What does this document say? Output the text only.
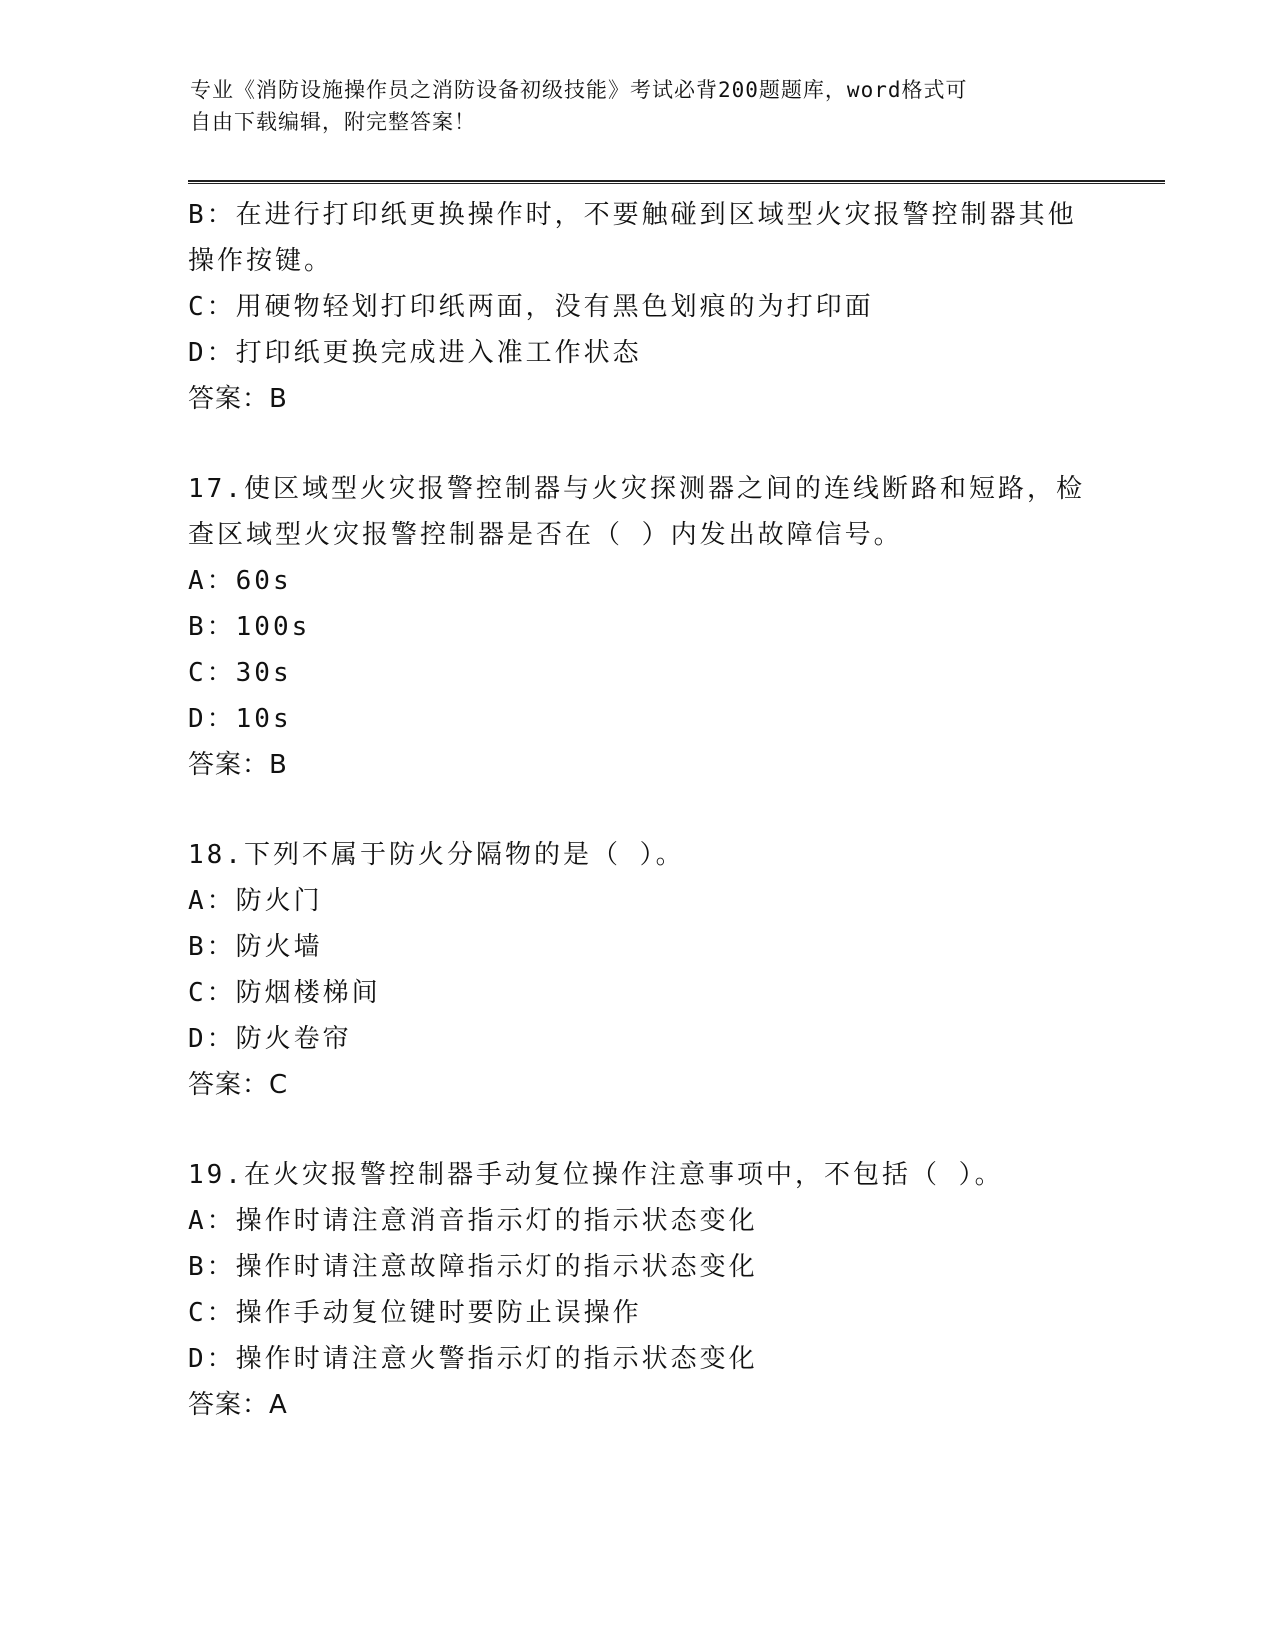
专业《消防设施操作员之消防设备初级技能》考试必背200题题库，word格式可
自由下载编辑，附完整答案！
B：在进行打印纸更换操作时，不要触碰到区域型火灾报警控制器其他
操作按键。
C：用硬物轻划打印纸两面，没有黑色划痕的为打印面
D：打印纸更换完成进入准工作状态
答案：B
17.使区域型火灾报警控制器与火灾探测器之间的连线断路和短路，检
查区域型火灾报警控制器是否在（ ）内发出故障信号。
A：60s
B：100s
C：30s
D：10s
答案：B
18.下列不属于防火分隔物的是（ ）。
A：防火门
B：防火墙
C：防烟楼梯间
D：防火卷帘
答案：C
19.在火灾报警控制器手动复位操作注意事项中，不包括（ ）。
A：操作时请注意消音指示灯的指示状态变化
B：操作时请注意故障指示灯的指示状态变化
C：操作手动复位键时要防止误操作
D：操作时请注意火警指示灯的指示状态变化
答案：A
